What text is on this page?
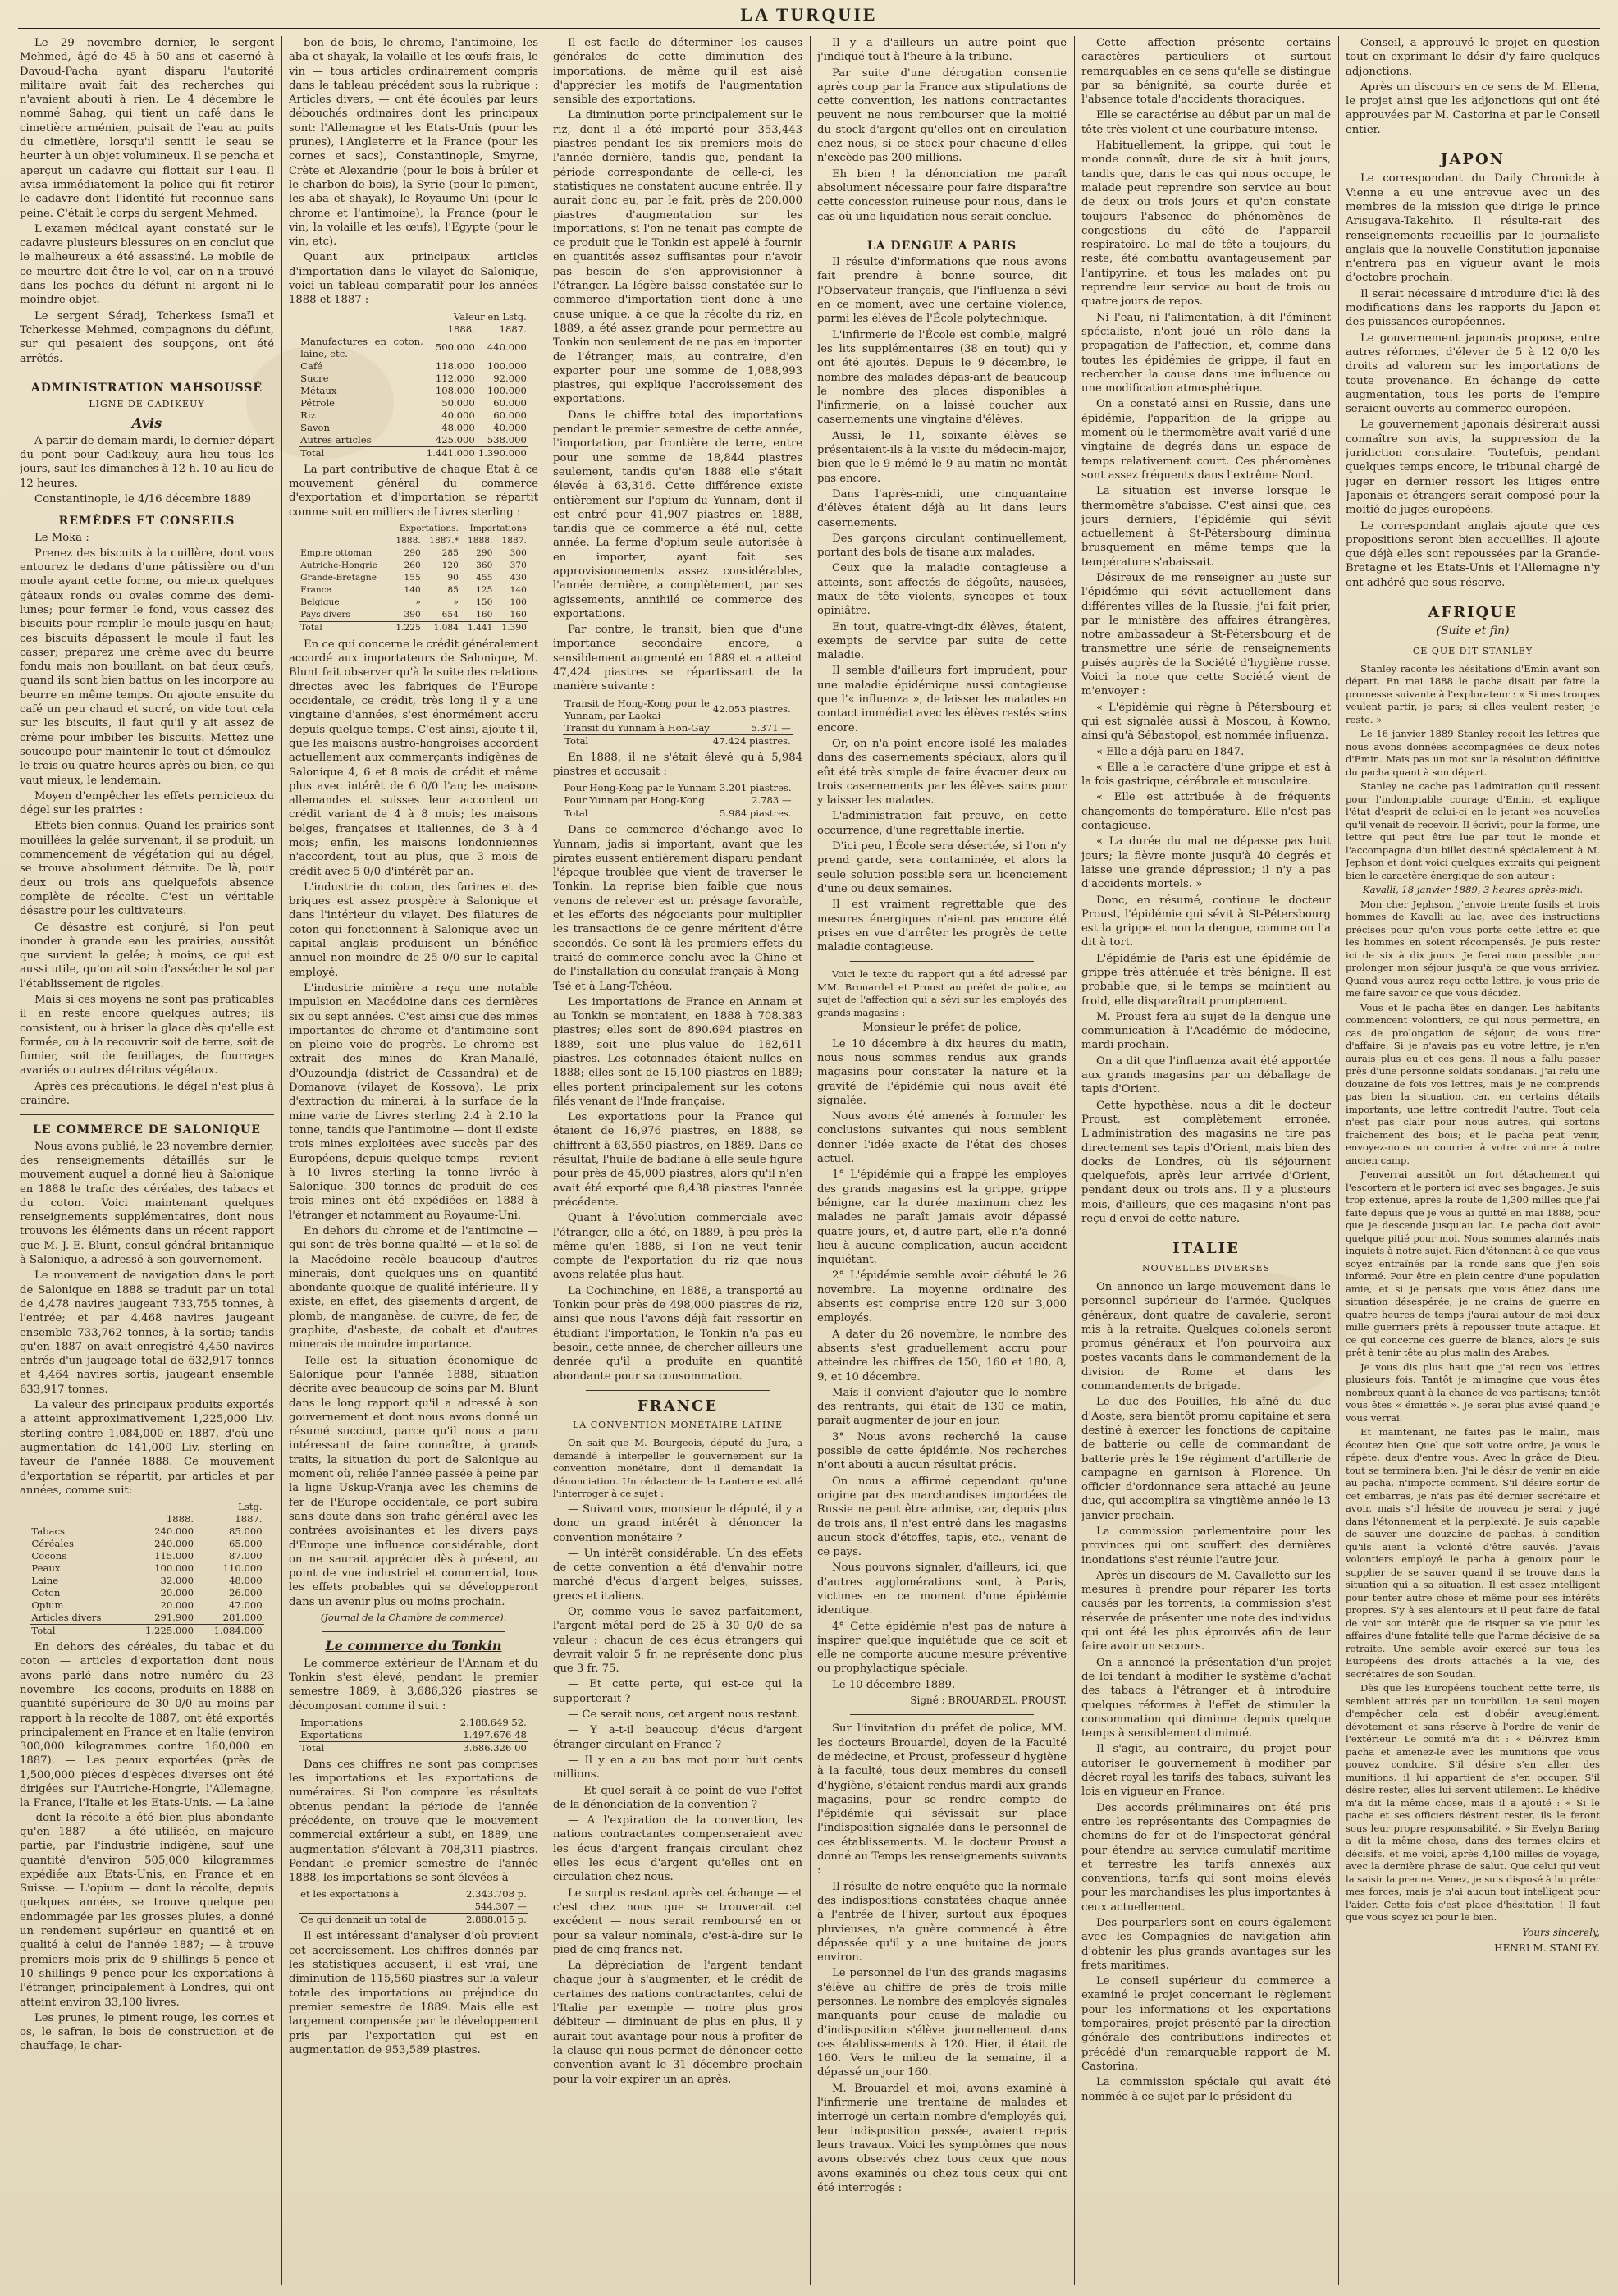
LA TURQUIE

Le 29 novembre dernier, le sergent Mehmed, âgé de 45 à 50 ans et caserné à Davoud-Pacha ayant disparu l'autorité militaire avait fait des recherches qui n'avaient abouti à rien. Le 4 décembre le nommé Sahag, qui tient un café dans le cimetière arménien, puisait de l'eau au puits du cimetière, lorsqu'il sentit le seau se heurter à un objet volumineux. Il se pencha et aperçut un cadavre qui flottait sur l'eau. Il avisa immédiatement la police qui fit retirer le cadavre dont l'identité fut reconnue sans peine. C'était le corps du sergent Mehmed.

L'examen médical ayant constaté sur le cadavre plusieurs blessures on en conclut que le malheureux a été assassiné. Le mobile de ce meurtre doit être le vol, car on n'a trouvé dans les poches du défunt ni argent ni le moindre objet.

Le sergent Séradj, Tcherkess Ismaïl et Tcherkesse Mehmed, compagnons du défunt, sur qui pesaient des soupçons, ont été arrêtés.

ADMINISTRATION MAHSOUSSÉ
LIGNE DE CADIKEUY
Avis

A partir de demain mardi, le dernier départ du pont pour Cadikeuy, aura lieu tous les jours, sauf les dimanches à 12 h. 10 au lieu de 12 heures.

Constantinople, le 4/16 décembre 1889

REMÈDES ET CONSEILS

Le Moka :

Prenez des biscuits à la cuillère, dont vous entourez le dedans d'une pâtissière ou d'un moule ayant cette forme, ou mieux quelques gâteaux ronds ou ovales comme des demi-lunes; pour fermer le fond, vous cassez des biscuits pour remplir le moule jusqu'en haut; ces biscuits dépassent le moule il faut les casser; préparez une crème avec du beurre fondu mais non bouillant, on bat deux œufs, quand ils sont bien battus on les incorpore au beurre en même temps. On ajoute ensuite du café un peu chaud et sucré, on vide tout cela sur les biscuits, il faut qu'il y ait assez de crème pour imbiber les biscuits. Mettez une soucoupe pour maintenir le tout et démoulez-le trois ou quatre heures après ou bien, ce qui vaut mieux, le lendemain.

Moyen d'empêcher les effets pernicieux du dégel sur les prairies :

Effets bien connus. Quand les prairies sont mouillées la gelée survenant, il se produit, un commencement de végétation qui au dégel, se trouve absolument détruite. De là, pour deux ou trois ans quelquefois absence complète de récolte. C'est un véritable désastre pour les cultivateurs.

Ce désastre est conjuré, si l'on peut inonder à grande eau les prairies, aussitôt que survient la gelée; à moins, ce qui est aussi utile, qu'on ait soin d'assécher le sol par l'établissement de rigoles.

Mais si ces moyens ne sont pas praticables il en reste encore quelques autres; ils consistent, ou à briser la glace dès qu'elle est formée, ou à la recouvrir soit de terre, soit de fumier, soit de feuillages, de fourrages avariés ou autres détritus végétaux.

Après ces précautions, le dégel n'est plus à craindre.

LE COMMERCE DE SALONIQUE

Nous avons publié, le 23 novembre dernier, des renseignements détaillés sur le mouvement auquel a donné lieu à Salonique en 1888 le trafic des céréales, des tabacs et du coton. Voici maintenant quelques renseignements supplémentaires, dont nous trouvons les éléments dans un récent rapport que M. J. E. Blunt, consul général britannique à Salonique, a adressé à son gouvernement.

Le mouvement de navigation dans le port de Salonique en 1888 se traduit par un total de 4,478 navires jaugeant 733,755 tonnes, à l'entrée; et par 4,468 navires jaugeant ensemble 733,762 tonnes, à la sortie; tandis qu'en 1887 on avait enregistré 4,450 navires entrés d'un jaugeage total de 632,917 tonnes et 4,464 navires sortis, jaugeant ensemble 633,917 tonnes.

La valeur des principaux produits exportés a atteint approximativement 1,225,000 Liv. sterling contre 1,084,000 en 1887, d'où une augmentation de 141,000 Liv. sterling en faveur de l'année 1888. Ce mouvement d'exportation se répartit, par articles et par années, comme suit:

	Lstg.	
	1888.	1887.
Tabacs	240.000	85.000
Céréales	240.000	65.000
Cocons	115.000	87.000
Peaux	100.000	110.000
Laine	32.000	48.000
Coton	20.000	26.000
Opium	20.000	47.000
Articles divers	291.900	281.000
Total	1.225.000	1.084.000

En dehors des céréales, du tabac et du coton — articles d'exportation dont nous avons parlé dans notre numéro du 23 novembre — les cocons, produits en 1888 en quantité supérieure de 30 0/0 au moins par rapport à la récolte de 1887, ont été exportés principalement en France et en Italie (environ 300,000 kilogrammes contre 160,000 en 1887). — Les peaux exportées (près de 1,500,000 pièces d'espèces diverses ont été dirigées sur l'Autriche-Hongrie, l'Allemagne, la France, l'Italie et les Etats-Unis. — La laine — dont la récolte a été bien plus abondante qu'en 1887 — a été utilisée, en majeure partie, par l'industrie indigène, sauf une quantité d'environ 505,000 kilogrammes expédiée aux Etats-Unis, en France et en Suisse. — L'opium — dont la récolte, depuis quelques années, se trouve quelque peu endommagée par les grosses pluies, a donné un rendement supérieur en quantité et en qualité à celui de l'année 1887; — à trouve premiers mois prix de 9 shillings 5 pence et 10 shillings 9 pence pour les exportations à l'étranger, principalement à Londres, qui ont atteint environ 33,100 livres.

Les prunes, le piment rouge, les cornes et os, le safran, le bois de construction et de chauffage, le char-

bon de bois, le chrome, l'antimoine, les aba et shayak, la volaille et les œufs frais, le vin — tous articles ordinairement compris dans le tableau précédent sous la rubrique : Articles divers, — ont été écoulés par leurs débouchés ordinaires dont les principaux sont: l'Allemagne et les Etats-Unis (pour les prunes), l'Angleterre et la France (pour les cornes et sacs), Constantinople, Smyrne, Crète et Alexandrie (pour le bois à brûler et le charbon de bois), la Syrie (pour le piment, les aba et shayak), le Royaume-Uni (pour le chrome et l'antimoine), la France (pour le vin, la volaille et les œufs), l'Egypte (pour le vin, etc).

Quant aux principaux articles d'importation dans le vilayet de Salonique, voici un tableau comparatif pour les années 1888 et 1887 :

	Valeur en Lstg.	
	1888.	1887.
Manufactures en coton, laine, etc.	500.000	440.000
Café	118.000	100.000
Sucre	112.000	92.000
Métaux	108.000	100.000
Pétrole	50.000	60.000
Riz	40.000	60.000
Savon	48.000	40.000
Autres articles	425.000	538.000
Total	1.441.000	1.390.000

La part contributive de chaque Etat à ce mouvement général du commerce d'exportation et d'importation se répartit comme suit en milliers de Livres sterling :

	Exportations.		Importations	
	1888.	1887.*	1888.	1887.
Empire ottoman	290	285	290	300
Autriche-Hongrie	260	120	360	370
Grande-Bretagne	155	90	455	430
France	140	85	125	140
Belgique	»	»	150	100
Pays divers	390	654	160	160
Total	1.225	1.084	1.441	1.390

En ce qui concerne le crédit généralement accordé aux importateurs de Salonique, M. Blunt fait observer qu'à la suite des relations directes avec les fabriques de l'Europe occidentale, ce crédit, très long il y a une vingtaine d'années, s'est énormément accru depuis quelque temps. C'est ainsi, ajoute-t-il, que les maisons austro-hongroises accordent actuellement aux commerçants indigènes de Salonique 4, 6 et 8 mois de crédit et même plus avec intérêt de 6 0/0 l'an; les maisons allemandes et suisses leur accordent un crédit variant de 4 à 8 mois; les maisons belges, françaises et italiennes, de 3 à 4 mois; enfin, les maisons londonniennes n'accordent, tout au plus, que 3 mois de crédit avec 5 0/0 d'intérêt par an.

L'industrie du coton, des farines et des briques est assez prospère à Salonique et dans l'intérieur du vilayet. Des filatures de coton qui fonctionnent à Salonique avec un capital anglais produisent un bénéfice annuel non moindre de 25 0/0 sur le capital employé.

L'industrie minière a reçu une notable impulsion en Macédoine dans ces dernières six ou sept années. C'est ainsi que des mines importantes de chrome et d'antimoine sont en pleine voie de progrès. Le chrome est extrait des mines de Kran-Mahallé, d'Ouzoundja (district de Cassandra) et de Domanova (vilayet de Kossova). Le prix d'extraction du minerai, à la surface de la mine varie de Livres sterling 2.4 à 2.10 la tonne, tandis que l'antimoine — dont il existe trois mines exploitées avec succès par des Européens, depuis quelque temps — revient à 10 livres sterling la tonne livrée à Salonique. 300 tonnes de produit de ces trois mines ont été expédiées en 1888 à l'étranger et notamment au Royaume-Uni.

En dehors du chrome et de l'antimoine — qui sont de très bonne qualité — et le sol de la Macédoine recèle beaucoup d'autres minerais, dont quelques-uns en quantité abondante quoique de qualité inférieure. Il y existe, en effet, des gisements d'argent, de plomb, de manganèse, de cuivre, de fer, de graphite, d'asbeste, de cobalt et d'autres minerais de moindre importance.

Telle est la situation économique de Salonique pour l'année 1888, situation décrite avec beaucoup de soins par M. Blunt dans le long rapport qu'il a adressé à son gouvernement et dont nous avons donné un résumé succinct, parce qu'il nous a paru intéressant de faire connaître, à grands traits, la situation du port de Salonique au moment où, reliée l'année passée à peine par la ligne Uskup-Vranja avec les chemins de fer de l'Europe occidentale, ce port subira sans doute dans son trafic général avec les contrées avoisinantes et les divers pays d'Europe une influence considérable, dont on ne saurait apprécier dès à présent, au point de vue industriel et commercial, tous les effets probables qui se développeront dans un avenir plus ou moins prochain.

(Journal de la Chambre de commerce).

Le commerce du Tonkin

Le commerce extérieur de l'Annam et du Tonkin s'est élevé, pendant le premier semestre 1889, à 3,686,326 piastres se décomposant comme il suit :

Importations	2.188.649 52.
Exportations	1.497.676 48
Total	3.686.326 00

Dans ces chiffres ne sont pas comprises les importations et les exportations de numéraires. Si l'on compare les résultats obtenus pendant la période de l'année précédente, on trouve que le mouvement commercial extérieur a subi, en 1889, une augmentation s'élevant à 708,311 piastres. Pendant le premier semestre de l'année 1888, les importations se sont élevées à

et les exportations à	2.343.708 p.
	544.307 —
Ce qui donnait un total de	2.888.015 p.

Il est intéressant d'analyser d'où provient cet accroissement. Les chiffres donnés par les statistiques accusent, il est vrai, une diminution de 115,560 piastres sur la valeur totale des importations au préjudice du premier semestre de 1889. Mais elle est largement compensée par le développement pris par l'exportation qui est en augmentation de 953,589 piastres.

Il est facile de déterminer les causes générales de cette diminution des importations, de même qu'il est aisé d'apprécier les motifs de l'augmentation sensible des exportations.

La diminution porte principalement sur le riz, dont il a été importé pour 353,443 piastres pendant les six premiers mois de l'année dernière, tandis que, pendant la période correspondante de celle-ci, les statistiques ne constatent aucune entrée. Il y aurait donc eu, par le fait, près de 200,000 piastres d'augmentation sur les importations, si l'on ne tenait pas compte de ce produit que le Tonkin est appelé à fournir en quantités assez suffisantes pour n'avoir pas besoin de s'en approvisionner à l'étranger. La légère baisse constatée sur le commerce d'importation tient donc à une cause unique, à ce que la récolte du riz, en 1889, a été assez grande pour permettre au Tonkin non seulement de ne pas en importer de l'étranger, mais, au contraire, d'en exporter pour une somme de 1,088,993 piastres, qui explique l'accroissement des exportations.

Dans le chiffre total des importations pendant le premier semestre de cette année, l'importation, par frontière de terre, entre pour une somme de 18,844 piastres seulement, tandis qu'en 1888 elle s'était élevée à 63,316. Cette différence existe entièrement sur l'opium du Yunnam, dont il est entré pour 41,907 piastres en 1888, tandis que ce commerce a été nul, cette année. La ferme d'opium seule autorisée à en importer, ayant fait ses approvisionnements assez considérables, l'année dernière, a complètement, par ses agissements, annihilé ce commerce des exportations.

Par contre, le transit, bien que d'une importance secondaire encore, a sensiblement augmenté en 1889 et a atteint 47,424 piastres se répartissant de la manière suivante :

Transit de Hong-Kong pour le Yunnam, par Laokai	42.053 piastres.
Transit du Yunnam à Hon-Gay	5.371 —
Total	47.424 piastres.

En 1888, il ne s'était élevé qu'à 5,984 piastres et accusait :

Pour Hong-Kong par le Yunnam	3.201 piastres.
Pour Yunnam par Hong-Kong	2.783 —
Total	5.984 piastres.

Dans ce commerce d'échange avec le Yunnam, jadis si important, avant que les pirates eussent entièrement disparu pendant l'époque troublée que vient de traverser le Tonkin. La reprise bien faible que nous venons de relever est un présage favorable, et les efforts des négociants pour multiplier les transactions de ce genre méritent d'être secondés. Ce sont là les premiers effets du traité de commerce conclu avec la Chine et de l'installation du consulat français à Mong-Tsé et à Lang-Tchéou.

Les importations de France en Annam et au Tonkin se montaient, en 1888 à 708.383 piastres; elles sont de 890.694 piastres en 1889, soit une plus-value de 182,611 piastres. Les cotonnades étaient nulles en 1888; elles sont de 15,100 piastres en 1889; elles portent principalement sur les cotons filés venant de l'Inde française.

Les exportations pour la France qui étaient de 16,976 piastres, en 1888, se chiffrent à 63,550 piastres, en 1889. Dans ce résultat, l'huile de badiane à elle seule figure pour près de 45,000 piastres, alors qu'il n'en avait été exporté que 8,438 piastres l'année précédente.

Quant à l'évolution commerciale avec l'étranger, elle a été, en 1889, à peu près la même qu'en 1888, si l'on ne veut tenir compte de l'exportation du riz que nous avons relatée plus haut.

La Cochinchine, en 1888, a transporté au Tonkin pour près de 498,000 piastres de riz, ainsi que nous l'avons déjà fait ressortir en étudiant l'importation, le Tonkin n'a pas eu besoin, cette année, de chercher ailleurs une denrée qu'il a produite en quantité abondante pour sa consommation.

FRANCE
LA CONVENTION MONÉTAIRE LATINE

On sait que M. Bourgeois, député du Jura, a demandé à interpeller le gouvernement sur la convention monétaire, dont il demandait la dénonciation. Un rédacteur de la Lanterne est allé l'interroger à ce sujet :

— Suivant vous, monsieur le député, il y a donc un grand intérêt à dénoncer la convention monétaire ?

— Un intérêt considérable. Un des effets de cette convention a été d'envahir notre marché d'écus d'argent belges, suisses, grecs et italiens.

Or, comme vous le savez parfaitement, l'argent métal perd de 25 à 30 0/0 de sa valeur : chacun de ces écus étrangers qui devrait valoir 5 fr. ne représente donc plus que 3 fr. 75.

— Et cette perte, qui est-ce qui la supporterait ?

— Ce serait nous, cet argent nous restant.

— Y a-t-il beaucoup d'écus d'argent étranger circulant en France ?

— Il y en a au bas mot pour huit cents millions.

— Et quel serait à ce point de vue l'effet de la dénonciation de la convention ?

— A l'expiration de la convention, les nations contractantes compenseraient avec les écus d'argent français circulant chez elles les écus d'argent qu'elles ont en circulation chez nous.

Le surplus restant après cet échange — et c'est chez nous que se trouverait cet excédent — nous serait remboursé en or pour sa valeur nominale, c'est-à-dire sur le pied de cinq francs net.

La dépréciation de l'argent tendant chaque jour à s'augmenter, et le crédit de certaines des nations contractantes, celui de l'Italie par exemple — notre plus gros débiteur — diminuant de plus en plus, il y aurait tout avantage pour nous à profiter de la clause qui nous permet de dénoncer cette convention avant le 31 décembre prochain pour la voir expirer un an après.

Il y a d'ailleurs un autre point que j'indiqué tout à l'heure à la tribune.

Par suite d'une dérogation consentie après coup par la France aux stipulations de cette convention, les nations contractantes peuvent ne nous rembourser que la moitié du stock d'argent qu'elles ont en circulation chez nous, si ce stock pour chacune d'elles n'excède pas 200 millions.

Eh bien ! la dénonciation me paraît absolument nécessaire pour faire disparaître cette concession ruineuse pour nous, dans le cas où une liquidation nous serait conclue.

LA DENGUE A PARIS

Il résulte d'informations que nous avons fait prendre à bonne source, dit l'Observateur français, que l'influenza a sévi en ce moment, avec une certaine violence, parmi les élèves de l'École polytechnique.

L'infirmerie de l'École est comble, malgré les lits supplémentaires (38 en tout) qui y ont été ajoutés. Depuis le 9 décembre, le nombre des malades dépas-ant de beaucoup le nombre des places disponibles à l'infirmerie, on a laissé coucher aux casernements une vingtaine d'élèves.

Aussi, le 11, soixante élèves se présentaient-ils à la visite du médecin-major, bien que le 9 mémé le 9 au matin ne montât pas encore.

Dans l'après-midi, une cinquantaine d'élèves étaient déjà au lit dans leurs casernements.

Des garçons circulant continuellement, portant des bols de tisane aux malades.

Ceux que la maladie contagieuse a atteints, sont affectés de dégoûts, nausées, maux de tête violents, syncopes et toux opiniâtre.

En tout, quatre-vingt-dix élèves, étaient, exempts de service par suite de cette maladie.

Il semble d'ailleurs fort imprudent, pour une maladie épidémique aussi contagieuse que l'« influenza », de laisser les malades en contact immédiat avec les élèves restés sains encore.

Or, on n'a point encore isolé les malades dans des casernements spéciaux, alors qu'il eût été très simple de faire évacuer deux ou trois casernements par les élèves sains pour y laisser les malades.

L'administration fait preuve, en cette occurrence, d'une regrettable inertie.

D'ici peu, l'École sera désertée, si l'on n'y prend garde, sera contaminée, et alors la seule solution possible sera un licenciement d'une ou deux semaines.

Il est vraiment regrettable que des mesures énergiques n'aient pas encore été prises en vue d'arrêter les progrès de cette maladie contagieuse.

Voici le texte du rapport qui a été adressé par MM. Brouardel et Proust au préfet de police, au sujet de l'affection qui a sévi sur les employés des grands magasins :

Monsieur le préfet de police,

Le 10 décembre à dix heures du matin, nous nous sommes rendus aux grands magasins pour constater la nature et la gravité de l'épidémie qui nous avait été signalée.

Nous avons été amenés à formuler les conclusions suivantes qui nous semblent donner l'idée exacte de l'état des choses actuel.

1° L'épidémie qui a frappé les employés des grands magasins est la grippe, grippe bénigne, car la durée maximum chez les malades ne paraît jamais avoir dépassé quatre jours, et, d'autre part, elle n'a donné lieu à aucune complication, aucun accident inquiétant.

2° L'épidémie semble avoir débuté le 26 novembre. La moyenne ordinaire des absents est comprise entre 120 sur 3,000 employés.

A dater du 26 novembre, le nombre des absents s'est graduellement accru pour atteindre les chiffres de 150, 160 et 180, 8, 9, et 10 décembre.

Mais il convient d'ajouter que le nombre des rentrants, qui était de 130 ce matin, paraît augmenter de jour en jour.

3° Nous avons recherché la cause possible de cette épidémie. Nos recherches n'ont abouti à aucun résultat précis.

On nous a affirmé cependant qu'une origine par des marchandises importées de Russie ne peut être admise, car, depuis plus de trois ans, il n'est entré dans les magasins aucun stock d'étoffes, tapis, etc., venant de ce pays.

Nous pouvons signaler, d'ailleurs, ici, que d'autres agglomérations sont, à Paris, victimes en ce moment d'une épidémie identique.

4° Cette épidémie n'est pas de nature à inspirer quelque inquiétude que ce soit et elle ne comporte aucune mesure préventive ou prophylactique spéciale.

Le 10 décembre 1889.

Signé : BROUARDEL. PROUST.

Sur l'invitation du préfet de police, MM. les docteurs Brouardel, doyen de la Faculté de médecine, et Proust, professeur d'hygiène à la faculté, tous deux membres du conseil d'hygiène, s'étaient rendus mardi aux grands magasins, pour se rendre compte de l'épidémie qui sévissait sur place l'indisposition signalée dans le personnel de ces établissements. M. le docteur Proust a donné au Temps les renseignements suivants :

Il résulte de notre enquête que la normale des indispositions constatées chaque année à l'entrée de l'hiver, surtout aux époques pluvieuses, n'a guère commencé à être dépassée qu'il y a une huitaine de jours environ.

Le personnel de l'un des grands magasins s'élève au chiffre de près de trois mille personnes. Le nombre des employés signalés manquants pour cause de maladie ou d'indisposition s'élève journellement dans ces établissements à 120. Hier, il était de 160. Vers le milieu de la semaine, il a dépassé un jour 160.

M. Brouardel et moi, avons examiné à l'infirmerie une trentaine de malades et interrogé un certain nombre d'employés qui, leur indisposition passée, avaient repris leurs travaux. Voici les symptômes que nous avons observés chez tous ceux que nous avons examinés ou chez tous ceux qui ont été interrogés :

Cette affection présente certains caractères particuliers et surtout remarquables en ce sens qu'elle se distingue par sa bénignité, sa courte durée et l'absence totale d'accidents thoraciques.

Elle se caractérise au début par un mal de tête très violent et une courbature intense.

Habituellement, la grippe, qui tout le monde connaît, dure de six à huit jours, tandis que, dans le cas qui nous occupe, le malade peut reprendre son service au bout de deux ou trois jours et qu'on constate toujours l'absence de phénomènes de congestions du côté de l'appareil respiratoire. Le mal de tête a toujours, du reste, été combattu avantageusement par l'antipyrine, et tous les malades ont pu reprendre leur service au bout de trois ou quatre jours de repos.

Ni l'eau, ni l'alimentation, à dit l'éminent spécialiste, n'ont joué un rôle dans la propagation de l'affection, et, comme dans toutes les épidémies de grippe, il faut en rechercher la cause dans une influence ou une modification atmosphérique.

On a constaté ainsi en Russie, dans une épidémie, l'apparition de la grippe au moment où le thermomètre avait varié d'une vingtaine de degrés dans un espace de temps relativement court. Ces phénomènes sont assez fréquents dans l'extrême Nord.

La situation est inverse lorsque le thermomètre s'abaisse. C'est ainsi que, ces jours derniers, l'épidémie qui sévit actuellement à St-Pétersbourg diminua brusquement en même temps que la température s'abaissait.

Désireux de me renseigner au juste sur l'épidémie qui sévit actuellement dans différentes villes de la Russie, j'ai fait prier, par le ministère des affaires étrangères, notre ambassadeur à St-Pétersbourg et de transmettre une série de renseignements puisés auprès de la Société d'hygiène russe. Voici la note que cette Société vient de m'envoyer :

« L'épidémie qui règne à Pétersbourg et qui est signalée aussi à Moscou, à Kowno, ainsi qu'à Sébastopol, est nommée influenza.

« Elle a déjà paru en 1847.

« Elle a le caractère d'une grippe et est à la fois gastrique, cérébrale et musculaire.

« Elle est attribuée à de fréquents changements de température. Elle n'est pas contagieuse.

« La durée du mal ne dépasse pas huit jours; la fièvre monte jusqu'à 40 degrés et laisse une grande dépression; il n'y a pas d'accidents mortels. »

Donc, en résumé, continue le docteur Proust, l'épidémie qui sévit à St-Pétersbourg est la grippe et non la dengue, comme on l'a dit à tort.

L'épidémie de Paris est une épidémie de grippe très atténuée et très bénigne. Il est probable que, si le temps se maintient au froid, elle disparaîtrait promptement.

M. Proust fera au sujet de la dengue une communication à l'Académie de médecine, mardi prochain.

On a dit que l'influenza avait été apportée aux grands magasins par un déballage de tapis d'Orient.

Cette hypothèse, nous a dit le docteur Proust, est complètement erronée. L'administration des magasins ne tire pas directement ses tapis d'Orient, mais bien des docks de Londres, où ils séjournent quelquefois, après leur arrivée d'Orient, pendant deux ou trois ans. Il y a plusieurs mois, d'ailleurs, que ces magasins n'ont pas reçu d'envoi de cette nature.

ITALIE
NOUVELLES DIVERSES

On annonce un large mouvement dans le personnel supérieur de l'armée. Quelques généraux, dont quatre de cavalerie, seront mis à la retraite. Quelques colonels seront promus généraux et l'on pourvoira aux postes vacants dans le commandement de la division de Rome et dans les commandements de brigade.

Le duc des Pouilles, fils aîné du duc d'Aoste, sera bientôt promu capitaine et sera destiné à exercer les fonctions de capitaine de batterie ou celle de commandant de batterie près le 19e régiment d'artillerie de campagne en garnison à Florence. Un officier d'ordonnance sera attaché au jeune duc, qui accomplira sa vingtième année le 13 janvier prochain.

La commission parlementaire pour les provinces qui ont souffert des dernières inondations s'est réunie l'autre jour.

Après un discours de M. Cavalletto sur les mesures à prendre pour réparer les torts causés par les torrents, la commission s'est réservée de présenter une note des individus qui ont été les plus éprouvés afin de leur faire avoir un secours.

On a annoncé la présentation d'un projet de loi tendant à modifier le système d'achat des tabacs à l'étranger et à introduire quelques réformes à l'effet de stimuler la consommation qui diminue depuis quelque temps à sensiblement diminué.

Il s'agit, au contraire, du projet pour autoriser le gouvernement à modifier par décret royal les tarifs des tabacs, suivant les lois en vigueur en France.

Des accords préliminaires ont été pris entre les représentants des Compagnies de chemins de fer et de l'inspectorat général pour étendre au service cumulatif maritime et terrestre les tarifs annexés aux conventions, tarifs qui sont moins élevés pour les marchandises les plus importantes à ceux actuellement.

Des pourparlers sont en cours également avec les Compagnies de navigation afin d'obtenir les plus grands avantages sur les frets maritimes.

Le conseil supérieur du commerce a examiné le projet concernant le règlement pour les informations et les exportations temporaires, projet présenté par la direction générale des contributions indirectes et précédé d'un remarquable rapport de M. Castorina.

La commission spéciale qui avait été nommée à ce sujet par le président du

Conseil, a approuvé le projet en question tout en exprimant le désir d'y faire quelques adjonctions.

Après un discours en ce sens de M. Ellena, le projet ainsi que les adjonctions qui ont été approuvées par M. Castorina et par le Conseil entier.

JAPON

Le correspondant du Daily Chronicle à Vienne a eu une entrevue avec un des membres de la mission que dirige le prince Arisugava-Takehito. Il résulte-rait des renseignements recueillis par le journaliste anglais que la nouvelle Constitution japonaise n'entrera pas en vigueur avant le mois d'octobre prochain.

Il serait nécessaire d'introduire d'ici là des modifications dans les rapports du Japon et des puissances européennes.

Le gouvernement japonais propose, entre autres réformes, d'élever de 5 à 12 0/0 les droits ad valorem sur les importations de toute provenance. En échange de cette augmentation, tous les ports de l'empire seraient ouverts au commerce européen.

Le gouvernement japonais désirerait aussi connaître son avis, la suppression de la juridiction consulaire. Toutefois, pendant quelques temps encore, le tribunal chargé de juger en dernier ressort les litiges entre Japonais et étrangers serait composé pour la moitié de juges européens.

Le correspondant anglais ajoute que ces propositions seront bien accueillies. Il ajoute que déjà elles sont repoussées par la Grande-Bretagne et les Etats-Unis et l'Allemagne n'y ont adhéré que sous réserve.

AFRIQUE
(Suite et fin)
CE QUE DIT STANLEY

Stanley raconte les hésitations d'Emin avant son départ. En mai 1888 le pacha disait par faire la promesse suivante à l'explorateur : « Si mes troupes veulent partir, je pars; si elles veulent rester, je reste. »

Le 16 janvier 1889 Stanley reçoit les lettres que nous avons données accompagnées de deux notes d'Emin. Mais pas un mot sur la résolution définitive du pacha quant à son départ.

Stanley ne cache pas l'admiration qu'il ressent pour l'indomptable courage d'Emin, et explique l'état d'esprit de celui-ci en le jetant »es nouvelles qu'il venait de recevoir. Il écrivit, pour la forme, une lettre qui peut être lue par tout le monde et l'accompagna d'un billet destiné spécialement à M. Jephson et dont voici quelques extraits qui peignent bien le caractère énergique de son auteur :

Kavalli, 18 janvier 1889, 3 heures après-midi.

Mon cher Jephson, j'envoie trente fusils et trois hommes de Kavalli au lac, avec des instructions précises pour qu'on vous porte cette lettre et que les hommes en soient récompensés. Je puis rester ici de six à dix jours. Je ferai mon possible pour prolonger mon séjour jusqu'à ce que vous arriviez. Quand vous aurez reçu cette lettre, je vous prie de me faire savoir ce que vous décidez.

Vous et le pacha êtes en danger. Les habitants commencent volontiers, ce qui nous permettra, en cas de prolongation de séjour, de vous tirer d'affaire. Si je n'avais pas eu votre lettre, je n'en aurais plus eu et ces gens. Il nous a fallu passer près d'une personne soldats sondanais. J'ai relu une douzaine de fois vos lettres, mais je ne comprends pas bien la situation, car, en certains détails importants, une lettre contredit l'autre. Tout cela n'est pas clair pour nous autres, qui sortons fraîchement des bois; et le pacha peut venir, envoyez-nous un courrier à votre voiture à notre ancien camp.

J'enverrai aussitôt un fort détachement qui l'escortera et le portera ici avec ses bagages. Je suis trop exténué, après la route de 1,300 milles que j'ai faite depuis que je vous ai quitté en mai 1888, pour que je descende jusqu'au lac. Le pacha doit avoir quelque pitié pour moi. Nous sommes alarmés mais inquiets à notre sujet. Rien d'étonnant à ce que vous soyez entraînés par la ronde sans que j'en sois informé. Pour être en plein centre d'une population amie, et si je pensais que vous étiez dans une situation désespérée, je ne crains de guerre en quatre heures de temps j'aurai autour de moi deux mille guerriers prêts à repousser toute attaque. Et ce qui concerne ces guerre de blancs, alors je suis prêt à tenir tête au plus malin des Arabes.

Je vous dis plus haut que j'ai reçu vos lettres plusieurs fois. Tantôt je m'imagine que vous êtes nombreux quant à la chance de vos partisans; tantôt vous êtes « émiettés ». Je serai plus avisé quand je vous verrai.

Et maintenant, ne faites pas le malin, mais écoutez bien. Quel que soit votre ordre, je vous le répète, deux d'entre vous. Avec la grâce de Dieu, tout se terminera bien. J'ai le désir de venir en aide au pacha, n'importe comment. S'il désire sortir de cet embarras, je n'ais pas été dernier secrétaire et avoir, mais s'il hésite de nouveau je serai y jugé dans l'étonnement et la perplexité. Je suis capable de sauver une douzaine de pachas, à condition qu'ils aient la volonté d'être sauvés. J'avais volontiers employé le pacha à genoux pour le supplier de se sauver quand il se trouve dans la situation qui a sa situation. Il est assez intelligent pour tenter autre chose et même pour ses intérêts propres. S'y à ses alentours et il peut faire de fatal de voir son intérêt que de risquer sa vie pour les affaires d'une fatalité telle que l'arme décisive de sa retraite. Une semble avoir exercé sur tous les Européens des droits attachés à la vie, des secrétaires de son Soudan.

Dès que les Européens touchent cette terre, ils semblent attirés par un tourbillon. Le seul moyen d'empêcher cela est d'obéir aveuglément, dévotement et sans réserve à l'ordre de venir de l'extérieur. Le comité m'a dit : « Délivrez Emin pacha et amenez-le avec les munitions que vous pouvez conduire. S'il désire s'en aller, des munitions, il lui appartient de s'en occuper. S'il désire rester, elles lui servent utilement. Le khédive m'a dit la même chose, mais il a ajouté : « Si le pacha et ses officiers désirent rester, ils le feront sous leur propre responsabilité. » Sir Evelyn Baring a dit la même chose, dans des termes clairs et décisifs, et me voici, après 4,100 milles de voyage, avec la dernière phrase de salut. Que celui qui veut la saisir la prenne. Venez, je suis disposé à lui prêter mes forces, mais je n'ai aucun tout intelligent pour l'aider. Cette fois c'est place d'hésitation ! Il faut que vous soyez ici pour le bien.

Yours sincerely,

HENRI M. STANLEY.
